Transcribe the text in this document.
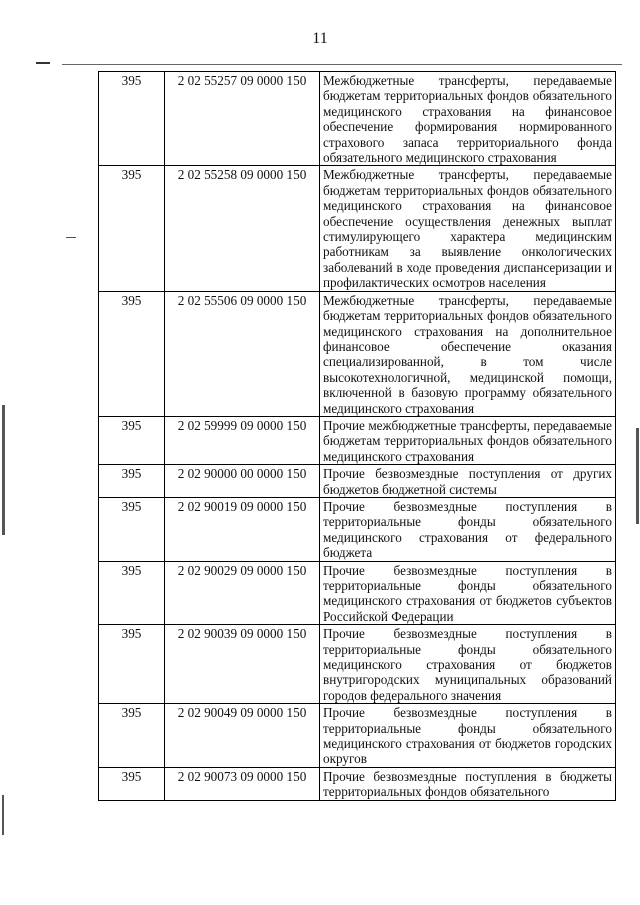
11
395	2 02 55257 09 0000 150	Межбюджетные трансферты, передаваемые бюджетам территориальных фондов обязательного медицинского страхования на финансовое обеспечение формирования нормированного страхового запаса территориального фонда обязательного медицинского страхования
395	2 02 55258 09 0000 150	Межбюджетные трансферты, передаваемые бюджетам территориальных фондов обязательного медицинского страхования на финансовое обеспечение осуществления денежных выплат стимулирующего характера медицинским работникам за выявление онкологических заболеваний в ходе проведения диспансеризации и профилактических осмотров населения
395	2 02 55506 09 0000 150	Межбюджетные трансферты, передаваемые бюджетам территориальных фондов обязательного медицинского страхования на дополнительное финансовое обеспечение оказания специализированной, в том числе высокотехнологичной, медицинской помощи, включенной в базовую программу обязательного медицинского страхования
395	2 02 59999 09 0000 150	Прочие межбюджетные трансферты, передаваемые бюджетам территориальных фондов обязательного медицинского страхования
395	2 02 90000 00 0000 150	Прочие безвозмездные поступления от других бюджетов бюджетной системы
395	2 02 90019 09 0000 150	Прочие безвозмездные поступления в территориальные фонды обязательного медицинского страхования от федерального бюджета
395	2 02 90029 09 0000 150	Прочие безвозмездные поступления в территориальные фонды обязательного медицинского страхования от бюджетов субъектов Российской Федерации
395	2 02 90039 09 0000 150	Прочие безвозмездные поступления в территориальные фонды обязательного медицинского страхования от бюджетов внутригородских муниципальных образований городов федерального значения
395	2 02 90049 09 0000 150	Прочие безвозмездные поступления в территориальные фонды обязательного медицинского страхования от бюджетов городских округов
395	2 02 90073 09 0000 150	Прочие безвозмездные поступления в бюджеты территориальных фондов обязательного
